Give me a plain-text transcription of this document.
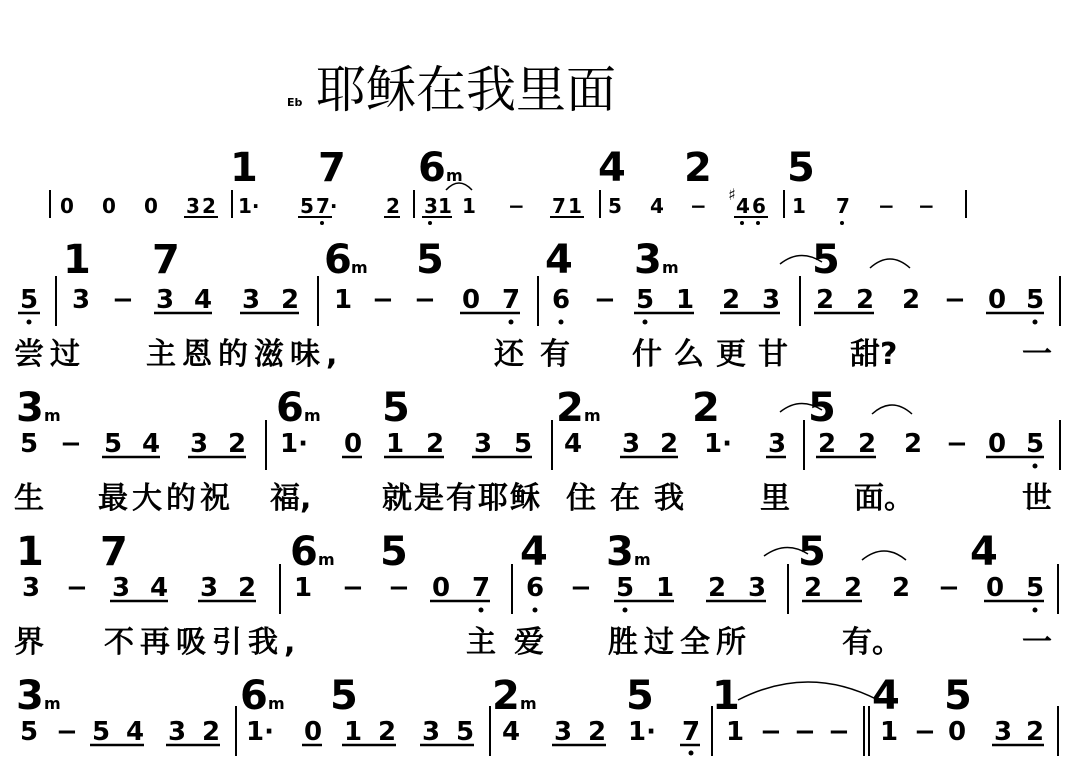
Eb 耶稣在我里面
1 7 6 m	4 2 5
0 0 0 3 2 1· 5 7· 2 3 1 1 − 7 1 5 4 − ♯ 4 6 1 7 − −
1 7	6 m 5	4 3 m	5
5 3 − 3 4 3 2 1 − − 0 7 6 − 5 1 2 3 2 2 2 − 0 5
尝过 主恩的滋味,	还有 什么更甘 甜?	一
3 m	6 m 5	2 m 2 5
5 − 5 4 3 2 1· 0 1 2 3 5 4 3 2 1· 3 2 2 2 − 0 5
生 最大的祝 福, 就是有耶稣 住在我 里 面。	世
1 7	6 m 5	4 3 m	5	4
3 − 3 4 3 2 1 − − 0 7 6 − 5 1 2 3 2 2 2 − 0 5
界 不再吸引我,	主爱 胜过全所	有。	一
3 m	6 m 5	2 m 5 1	4 5
5 − 5 4 3 2 1· 0 1 2 3 5 4 3 2 1· 7 1 − − − 1 − 0 3 2
